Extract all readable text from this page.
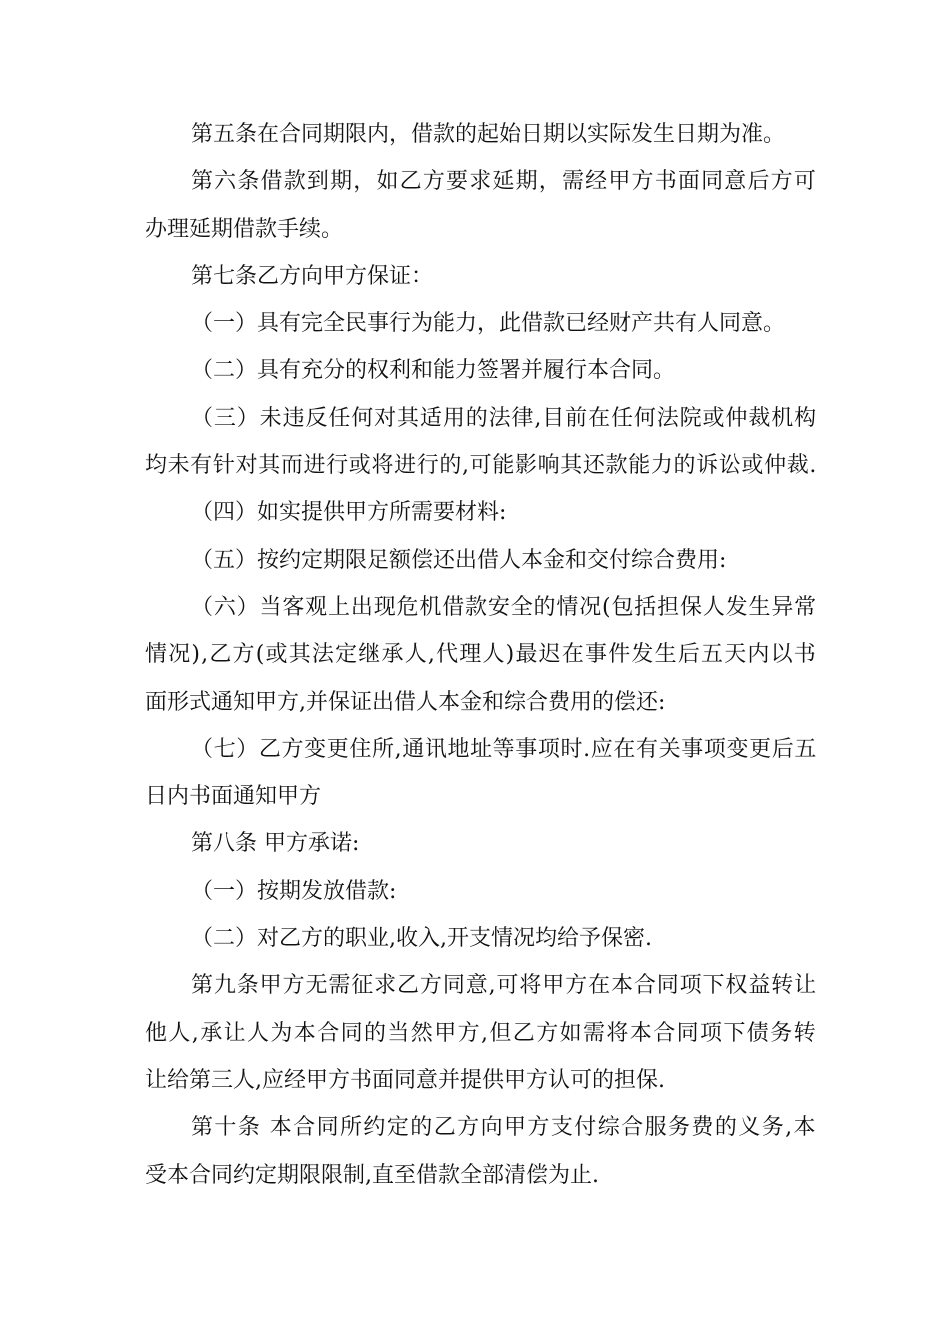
第五条在合同期限内，借款的起始日期以实际发生日期为准。
第六条借款到期，如乙方要求延期，需经甲方书面同意后方可
办理延期借款手续。
第七条乙方向甲方保证：
（一）具有完全民事行为能力，此借款已经财产共有人同意。
（二）具有充分的权利和能力签署并履行本合同。
（三）未违反任何对其适用的法律,目前在任何法院或仲裁机构
均未有针对其而进行或将进行的,可能影响其还款能力的诉讼或仲裁.
（四）如实提供甲方所需要材料:
（五）按约定期限足额偿还出借人本金和交付综合费用:
（六）当客观上出现危机借款安全的情况(包括担保人发生异常
情况),乙方(或其法定继承人,代理人)最迟在事件发生后五天内以书
面形式通知甲方,并保证出借人本金和综合费用的偿还:
（七）乙方变更住所,通讯地址等事项时.应在有关事项变更后五
日内书面通知甲方
第八条 甲方承诺:
（一）按期发放借款:
（二）对乙方的职业,收入,开支情况均给予保密.
第九条甲方无需征求乙方同意,可将甲方在本合同项下权益转让
他人,承让人为本合同的当然甲方,但乙方如需将本合同项下债务转
让给第三人,应经甲方书面同意并提供甲方认可的担保.
第十条 本合同所约定的乙方向甲方支付综合服务费的义务,本
受本合同约定期限限制,直至借款全部清偿为止.
